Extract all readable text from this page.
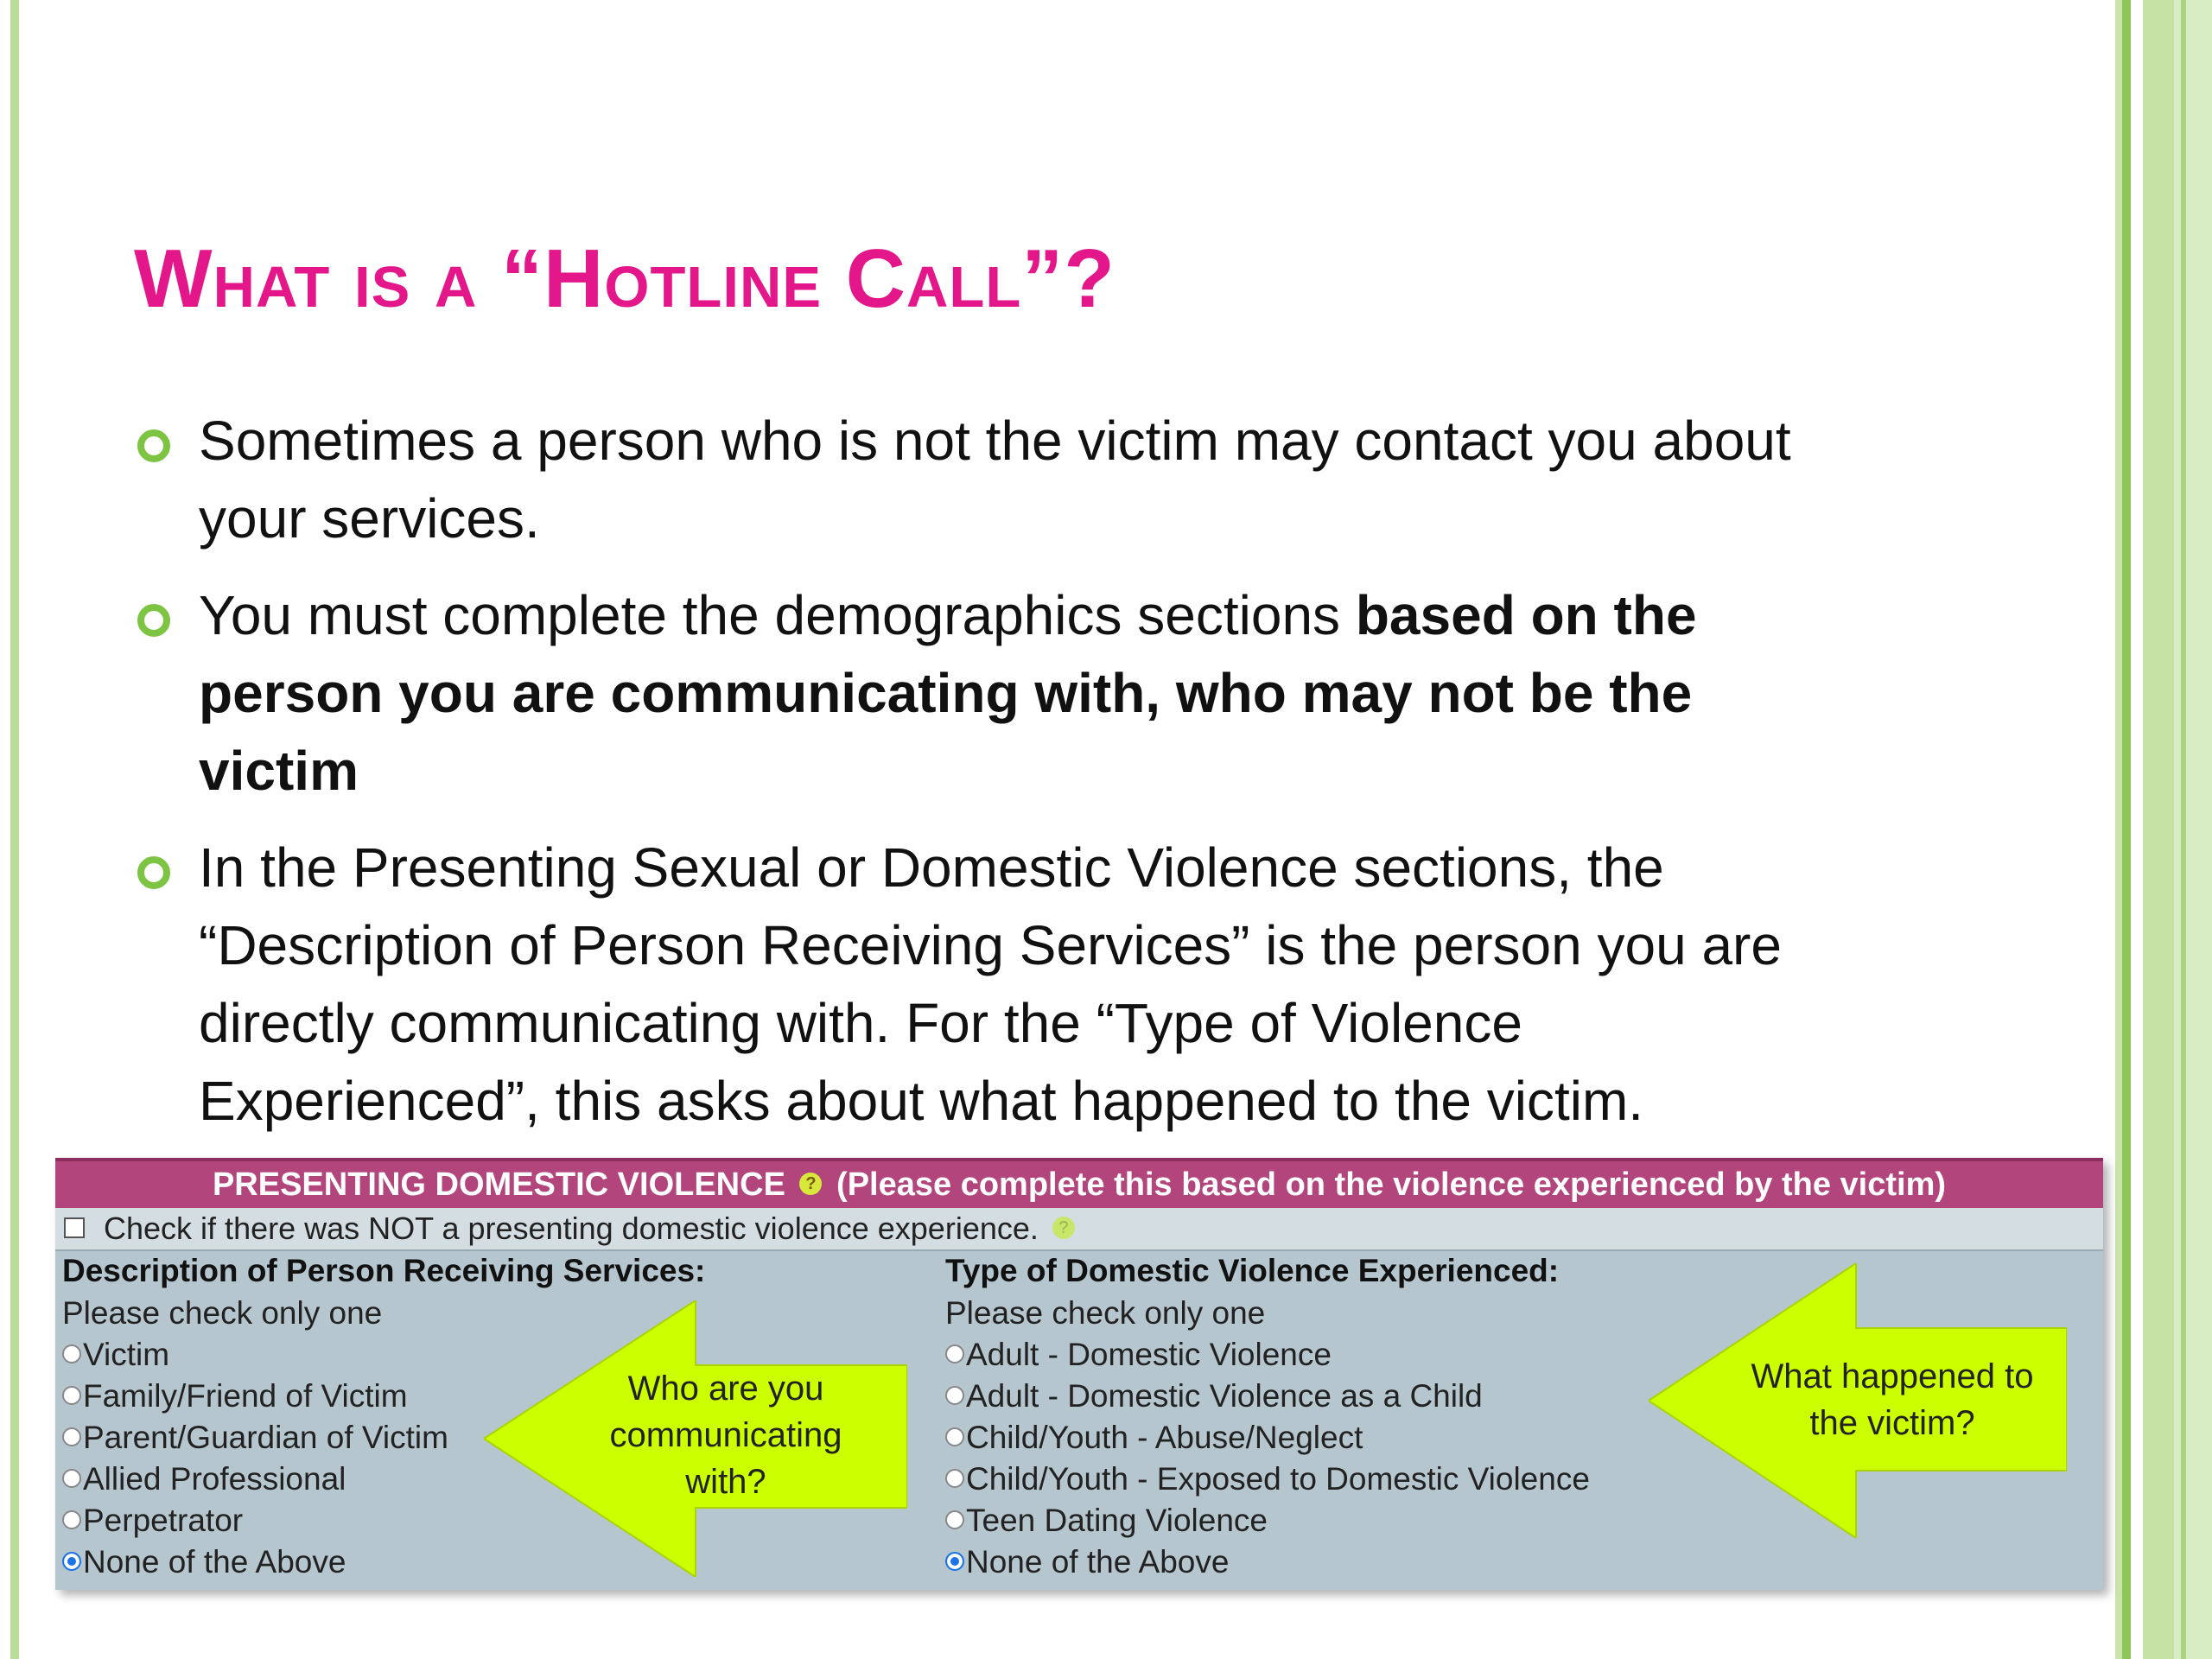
What is a “Hotline Call”?
Sometimes a person who is not the victim may contact you about your services.
You must complete the demographics sections based on the person you are communicating with, who may not be the victim
In the Presenting Sexual or Domestic Violence sections, the “Description of Person Receiving Services” is the person you are directly communicating with. For the “Type of Violence Experienced”, this asks about what happened to the victim.
PRESENTING DOMESTIC VIOLENCE ? (Please complete this based on the violence experienced by the victim)
Check if there was NOT a presenting domestic violence experience. ?
Description of Person Receiving Services:
Please check only one
Victim
Family/Friend of Victim
Parent/Guardian of Victim
Allied Professional
Perpetrator
None of the Above
Type of Domestic Violence Experienced:
Please check only one
Adult - Domestic Violence
Adult - Domestic Violence as a Child
Child/Youth - Abuse/Neglect
Child/Youth - Exposed to Domestic Violence
Teen Dating Violence
None of the Above
Who are you
communicating
with?
What happened to
the victim?
